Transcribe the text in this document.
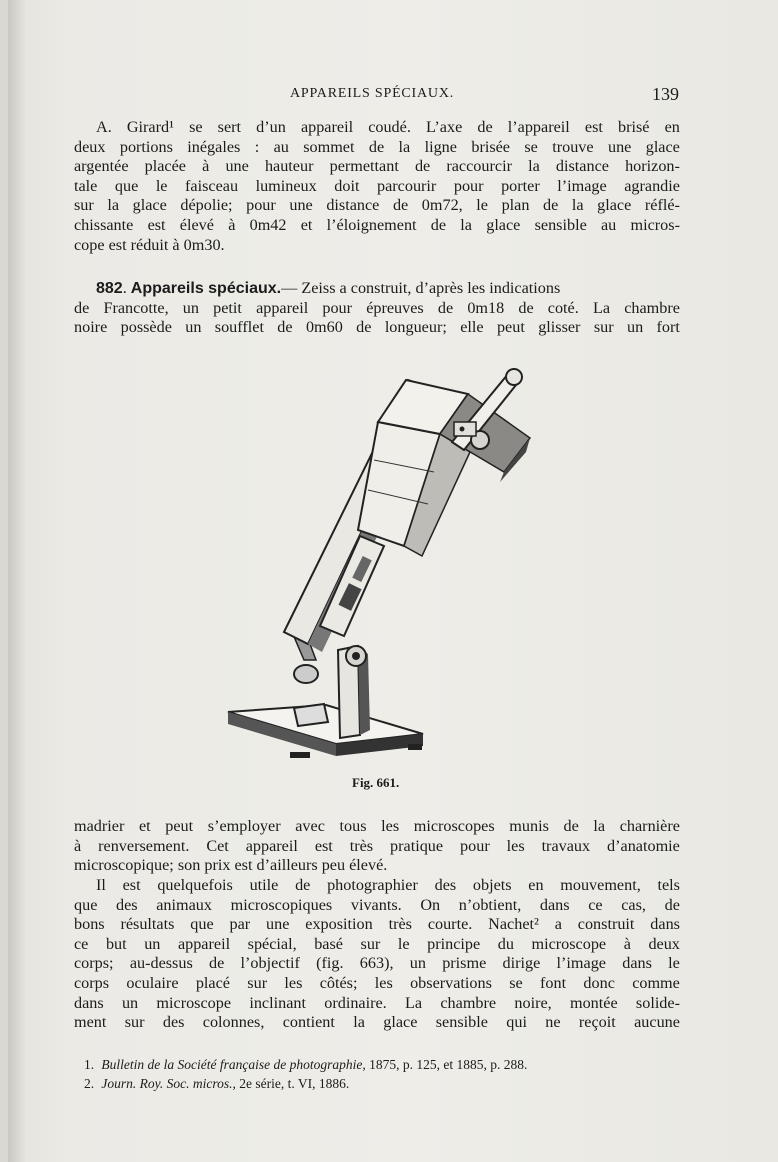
APPAREILS SPÉCIAUX.	139
A. Girard¹ se sert d’un appareil coudé. L’axe de l’appareil est brisé en
deux portions inégales : au sommet de la ligne brisée se trouve une glace
argentée placée à une hauteur permettant de raccourcir la distance horizon-
tale que le faisceau lumineux doit parcourir pour porter l’image agrandie
sur la glace dépolie; pour une distance de 0m72, le plan de la glace réflé-
chissante est élevé à 0m42 et l’éloignement de la glace sensible au micros-
cope est réduit à 0m30.
882 . Appareils spéciaux. — Zeiss a construit, d’après les indications
de Francotte, un petit appareil pour épreuves de 0m18 de coté. La chambre
noire possède un soufflet de 0m60 de longueur; elle peut glisser sur un fort
Fig. 661.
madrier et peut s’employer avec tous les microscopes munis de la charnière
à renversement. Cet appareil est très pratique pour les travaux d’anatomie
microscopique; son prix est d’ailleurs peu élevé.
Il est quelquefois utile de photographier des objets en mouvement, tels
que des animaux microscopiques vivants. On n’obtient, dans ce cas, de
bons résultats que par une exposition très courte. Nachet² a construit dans
ce but un appareil spécial, basé sur le principe du microscope à deux
corps; au-dessus de l’objectif (fig. 663), un prisme dirige l’image dans le
corps oculaire placé sur les côtés; les observations se font donc comme
dans un microscope inclinant ordinaire. La chambre noire, montée solide-
ment sur des colonnes, contient la glace sensible qui ne reçoit aucune
1. Bulletin de la Société française de photographie, 1875, p. 125, et 1885, p. 288.
2. Journ. Roy. Soc. micros., 2e série, t. VI, 1886.
